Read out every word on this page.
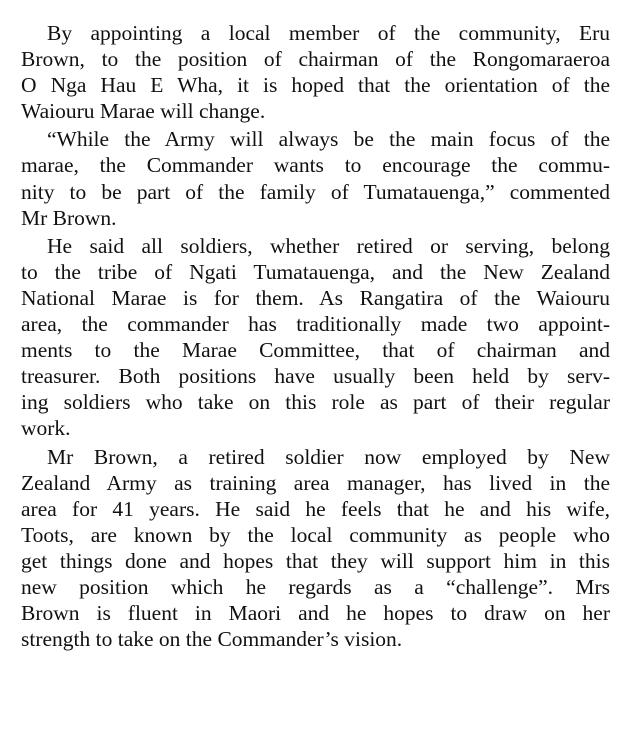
By appointing a local member of the community, Eru
Brown, to the position of chairman of the Rongomaraeroa
O Nga Hau E Wha, it is hoped that the orientation of the
Waiouru Marae will change.
“While the Army will always be the main focus of the
marae, the Commander wants to encourage the commu-
nity to be part of the family of Tumatauenga,” commented
Mr Brown.
He said all soldiers, whether retired or serving, belong
to the tribe of Ngati Tumatauenga, and the New Zealand
National Marae is for them. As Rangatira of the Waiouru
area, the commander has traditionally made two appoint-
ments to the Marae Committee, that of chairman and
treasurer. Both positions have usually been held by serv-
ing soldiers who take on this role as part of their regular
work.
Mr Brown, a retired soldier now employed by New
Zealand Army as training area manager, has lived in the
area for 41 years. He said he feels that he and his wife,
Toots, are known by the local community as people who
get things done and hopes that they will support him in this
new position which he regards as a “challenge”. Mrs
Brown is fluent in Maori and he hopes to draw on her
strength to take on the Commander’s vision.
